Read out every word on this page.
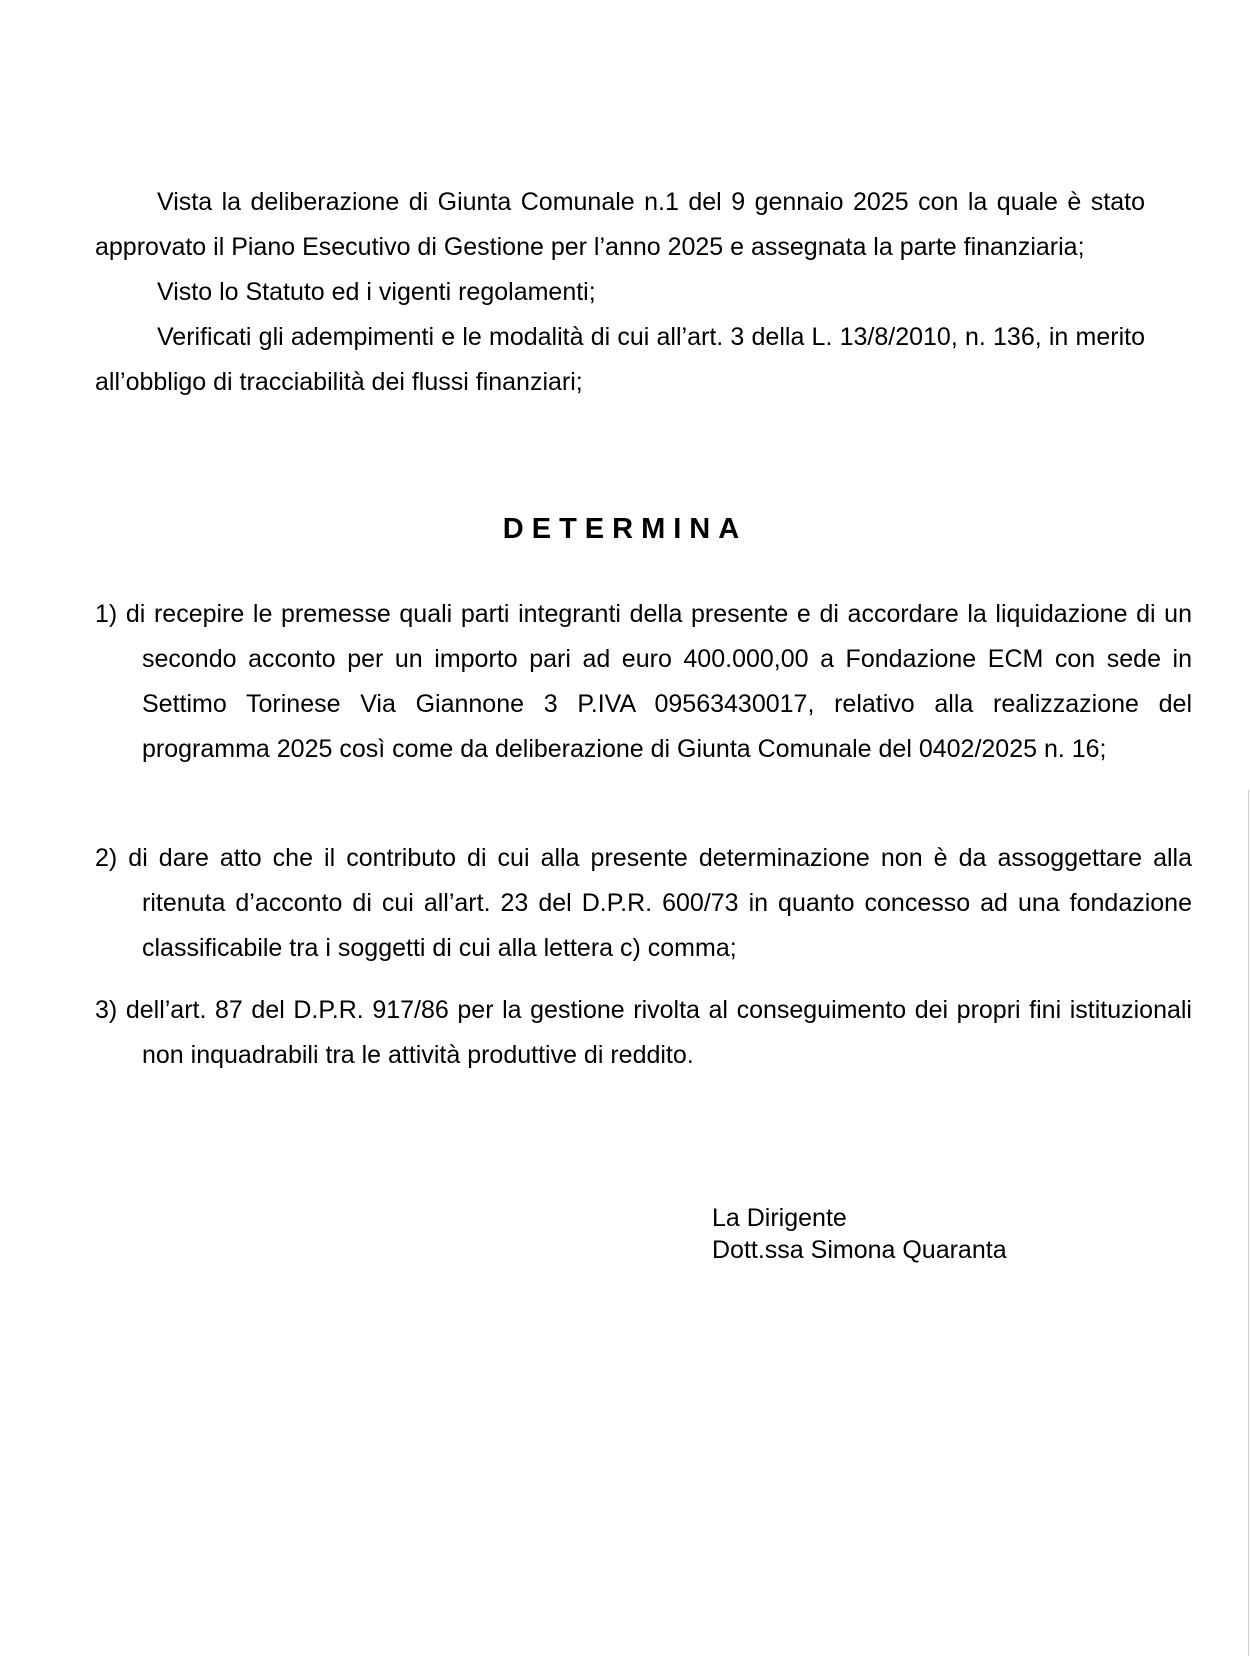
Vista la deliberazione di Giunta Comunale n.1 del 9 gennaio 2025 con la quale è stato approvato il Piano Esecutivo di Gestione per l’anno 2025 e assegnata la parte finanziaria;

Visto lo Statuto ed i vigenti regolamenti;

Verificati gli adempimenti e le modalità di cui all’art. 3 della L. 13/8/2010, n. 136, in merito all’obbligo di tracciabilità dei flussi finanziari;

DETERMINA

1) di recepire le premesse quali parti integranti della presente e di accordare la liquidazione di un secondo acconto per un importo pari ad euro 400.000,00 a Fondazione ECM con sede in Settimo Torinese Via Giannone 3 P.IVA 09563430017, relativo alla realizzazione del programma 2025 così come da deliberazione di Giunta Comunale del 0402/2025 n. 16;

2) di dare atto che il contributo di cui alla presente determinazione non è da assoggettare alla ritenuta d’acconto di cui all’art. 23 del D.P.R. 600/73 in quanto concesso ad una fondazione classificabile tra i soggetti di cui alla lettera c) comma;

3) dell’art. 87 del D.P.R. 917/86 per la gestione rivolta al conseguimento dei propri fini istituzionali non inquadrabili tra le attività produttive di reddito.

La Dirigente
Dott.ssa Simona Quaranta
